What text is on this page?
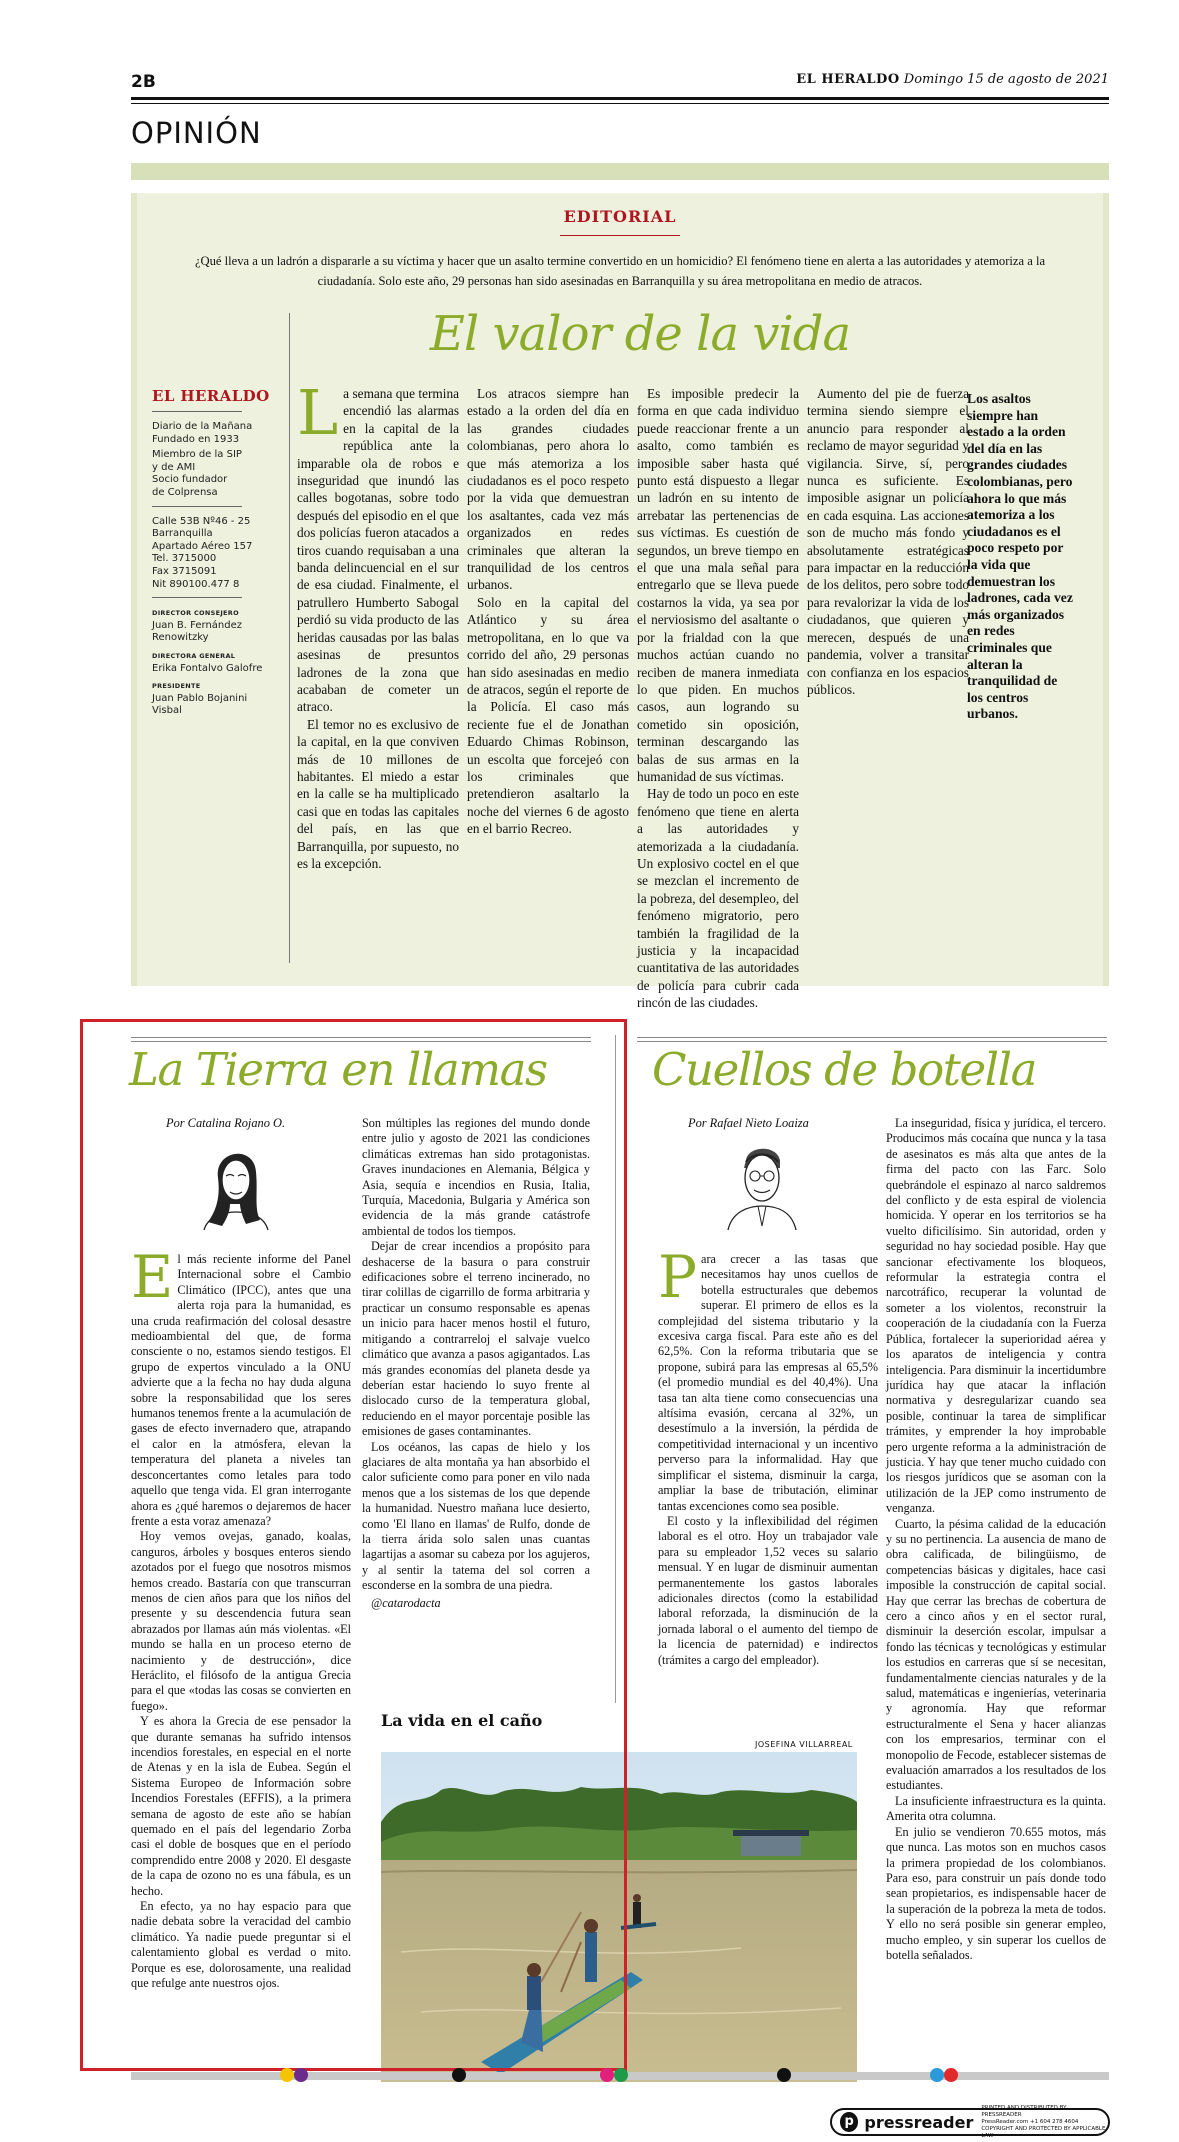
2B	EL HERALDO Domingo 15 de agosto de 2021
OPINIÓN
EDITORIAL
¿Qué lleva a un ladrón a dispararle a su víctima y hacer que un asalto termine convertido en un homicidio? El fenómeno tiene en alerta a las autoridades y atemoriza a la ciudadanía. Solo este año, 29 personas han sido asesinadas en Barranquilla y su área metropolitana en medio de atracos.
El valor de la vida
EL HERALDO

Diario de la Mañana
Fundado en 1933

Miembro de la SIP
y de AMI
Socio fundador
de Colprensa

Calle 53B Nº46 - 25
Barranquilla
Apartado Aéreo 157
Tel. 3715000
Fax 3715091
Nit 890100.477 8

DIRECTOR CONSEJERO

Juan B. Fernández Renowitzky

DIRECTORA GENERAL

Erika Fontalvo Galofre

PRESIDENTE

Juan Pablo Bojanini Visbal

La semana que termina encendió las alarmas en la capital de la república ante la imparable ola de robos e inseguridad que inundó las calles bogotanas, sobre todo después del episodio en el que dos policías fueron atacados a tiros cuando requisaban a una banda delincuencial en el sur de esa ciudad. Finalmente, el patrullero Humberto Sabogal perdió su vida producto de las heridas causadas por las balas asesinas de presuntos ladrones de la zona que acababan de cometer un atraco.

El temor no es exclusivo de la capital, en la que conviven más de 10 millones de habitantes. El miedo a estar en la calle se ha multiplicado casi que en todas las capitales del país, en las que Barranquilla, por supuesto, no es la excepción.

Los atracos siempre han estado a la orden del día en las grandes ciudades colombianas, pero ahora lo que más atemoriza a los ciudadanos es el poco respeto por la vida que demuestran los asaltantes, cada vez más organizados en redes criminales que alteran la tranquilidad de los centros urbanos.

Solo en la capital del Atlántico y su área metropolitana, en lo que va corrido del año, 29 personas han sido asesinadas en medio de atracos, según el reporte de la Policía. El caso más reciente fue el de Jonathan Eduardo Chimas Robinson, un escolta que forcejeó con los criminales que pretendieron asaltarlo la noche del viernes 6 de agosto en el barrio Recreo.

Es imposible predecir la forma en que cada individuo puede reaccionar frente a un asalto, como también es imposible saber hasta qué punto está dispuesto a llegar un ladrón en su intento de arrebatar las pertenencias de sus víctimas. Es cuestión de segundos, un breve tiempo en el que una mala señal para entregarlo que se lleva puede costarnos la vida, ya sea por el nerviosismo del asaltante o por la frialdad con la que muchos actúan cuando no reciben de manera inmediata lo que piden. En muchos casos, aun logrando su cometido sin oposición, terminan descargando las balas de sus armas en la humanidad de sus víctimas.

Hay de todo un poco en este fenómeno que tiene en alerta a las autoridades y atemorizada a la ciudadanía. Un explosivo coctel en el que se mezclan el incremento de la pobreza, del desempleo, del fenómeno migratorio, pero también la fragilidad de la justicia y la incapacidad cuantitativa de las autoridades de policía para cubrir cada rincón de las ciudades.

Aumento del pie de fuerza termina siendo siempre el anuncio para responder al reclamo de mayor seguridad y vigilancia. Sirve, sí, pero nunca es suficiente. Es imposible asignar un policía en cada esquina. Las acciones son de mucho más fondo y absolutamente estratégicas para impactar en la reducción de los delitos, pero sobre todo para revalorizar la vida de los ciudadanos, que quieren y merecen, después de una pandemia, volver a transitar con confianza en los espacios públicos.

Los asaltos siempre han estado a la orden del día en las grandes ciudades colombianas, pero ahora lo que más atemoriza a los ciudadanos es el poco respeto por la vida que demuestran los ladrones, cada vez más organizados en redes criminales que alteran la tranquilidad de los centros urbanos.
La Tierra en llamas
Por Catalina Rojano O.

El más reciente informe del Panel Internacional sobre el Cambio Climático (IPCC), antes que una alerta roja para la humanidad, es una cruda reafirmación del colosal desastre medioambiental del que, de forma consciente o no, estamos siendo testigos. El grupo de expertos vinculado a la ONU advierte que a la fecha no hay duda alguna sobre la responsabilidad que los seres humanos tenemos frente a la acumulación de gases de efecto invernadero que, atrapando el calor en la atmósfera, elevan la temperatura del planeta a niveles tan desconcertantes como letales para todo aquello que tenga vida. El gran interrogante ahora es ¿qué haremos o dejaremos de hacer frente a esta voraz amenaza?

Hoy vemos ovejas, ganado, koalas, canguros, árboles y bosques enteros siendo azotados por el fuego que nosotros mismos hemos creado. Bastaría con que transcurran menos de cien años para que los niños del presente y su descendencia futura sean abrazados por llamas aún más violentas. «El mundo se halla en un proceso eterno de nacimiento y de destrucción», dice Heráclito, el filósofo de la antigua Grecia para el que «todas las cosas se convierten en fuego».

Y es ahora la Grecia de ese pensador la que durante semanas ha sufrido intensos incendios forestales, en especial en el norte de Atenas y en la isla de Eubea. Según el Sistema Europeo de Información sobre Incendios Forestales (EFFIS), a la primera semana de agosto de este año se habían quemado en el país del legendario Zorba casi el doble de bosques que en el período comprendido entre 2008 y 2020. El desgaste de la capa de ozono no es una fábula, es un hecho.

En efecto, ya no hay espacio para que nadie debata sobre la veracidad del cambio climático. Ya nadie puede preguntar si el calentamiento global es verdad o mito. Porque es ese, dolorosamente, una realidad que refulge ante nuestros ojos.

Son múltiples las regiones del mundo donde entre julio y agosto de 2021 las condiciones climáticas extremas han sido protagonistas. Graves inundaciones en Alemania, Bélgica y Asia, sequía e incendios en Rusia, Italia, Turquía, Macedonia, Bulgaria y América son evidencia de la más grande catástrofe ambiental de todos los tiempos.

Dejar de crear incendios a propósito para deshacerse de la basura o para construir edificaciones sobre el terreno incinerado, no tirar colillas de cigarrillo de forma arbitraria y practicar un consumo responsable es apenas un inicio para hacer menos hostil el futuro, mitigando a contrarreloj el salvaje vuelco climático que avanza a pasos agigantados. Las más grandes economías del planeta desde ya deberían estar haciendo lo suyo frente al dislocado curso de la temperatura global, reduciendo en el mayor porcentaje posible las emisiones de gases contaminantes.

Los océanos, las capas de hielo y los glaciares de alta montaña ya han absorbido el calor suficiente como para poner en vilo nada menos que a los sistemas de los que depende la humanidad. Nuestro mañana luce desierto, como 'El llano en llamas' de Rulfo, donde de la tierra árida solo salen unas cuantas lagartijas a asomar su cabeza por los agujeros, y al sentir la tatema del sol corren a esconderse en la sombra de una piedra.

@catarodacta

Cuellos de botella
Por Rafael Nieto Loaiza

Para crecer a las tasas que necesitamos hay unos cuellos de botella estructurales que debemos superar. El primero de ellos es la complejidad del sistema tributario y la excesiva carga fiscal. Para este año es del 62,5%. Con la reforma tributaria que se propone, subirá para las empresas al 65,5% (el promedio mundial es del 40,4%). Una tasa tan alta tiene como consecuencias una altísima evasión, cercana al 32%, un desestímulo a la inversión, la pérdida de competitividad internacional y un incentivo perverso para la informalidad. Hay que simplificar el sistema, disminuir la carga, ampliar la base de tributación, eliminar tantas excenciones como sea posible.

El costo y la inflexibilidad del régimen laboral es el otro. Hoy un trabajador vale para su empleador 1,52 veces su salario mensual. Y en lugar de disminuir aumentan permanentemente los gastos laborales adicionales directos (como la estabilidad laboral reforzada, la disminución de la jornada laboral o el aumento del tiempo de la licencia de paternidad) e indirectos (trámites a cargo del empleador).

La inseguridad, física y jurídica, el tercero. Producimos más cocaína que nunca y la tasa de asesinatos es más alta que antes de la firma del pacto con las Farc. Solo quebrándole el espinazo al narco saldremos del conflicto y de esta espiral de violencia homicida. Y operar en los territorios se ha vuelto dificilísimo. Sin autoridad, orden y seguridad no hay sociedad posible. Hay que sancionar efectivamente los bloqueos, reformular la estrategia contra el narcotráfico, recuperar la voluntad de someter a los violentos, reconstruir la cooperación de la ciudadanía con la Fuerza Pública, fortalecer la superioridad aérea y los aparatos de inteligencia y contra inteligencia. Para disminuir la incertidumbre jurídica hay que atacar la inflación normativa y desregularizar cuando sea posible, continuar la tarea de simplificar trámites, y emprender la hoy improbable pero urgente reforma a la administración de justicia. Y hay que tener mucho cuidado con los riesgos jurídicos que se asoman con la utilización de la JEP como instrumento de venganza.

Cuarto, la pésima calidad de la educación y su no pertinencia. La ausencia de mano de obra calificada, de bilingüismo, de competencias básicas y digitales, hace casi imposible la construcción de capital social. Hay que cerrar las brechas de cobertura de cero a cinco años y en el sector rural, disminuir la deserción escolar, impulsar a fondo las técnicas y tecnológicas y estimular los estudios en carreras que sí se necesitan, fundamentalmente ciencias naturales y de la salud, matemáticas e ingenierías, veterinaria y agronomía. Hay que reformar estructuralmente el Sena y hacer alianzas con los empresarios, terminar con el monopolio de Fecode, establecer sistemas de evaluación amarrados a los resultados de los estudiantes.

La insuficiente infraestructura es la quinta. Amerita otra columna.

En julio se vendieron 70.655 motos, más que nunca. Las motos son en muchos casos la primera propiedad de los colombianos. Para eso, para construir un país donde todo sean propietarios, es indispensable hacer de la superación de la pobreza la meta de todos. Y ello no será posible sin generar empleo, mucho empleo, y sin superar los cuellos de botella señalados.

La vida en el caño
JOSEFINA VILLARREAL
p pressreader
PRINTED AND DISTRIBUTED BY PRESSREADER
PressReader.com +1 604 278 4604
COPYRIGHT AND PROTECTED BY APPLICABLE LAW
